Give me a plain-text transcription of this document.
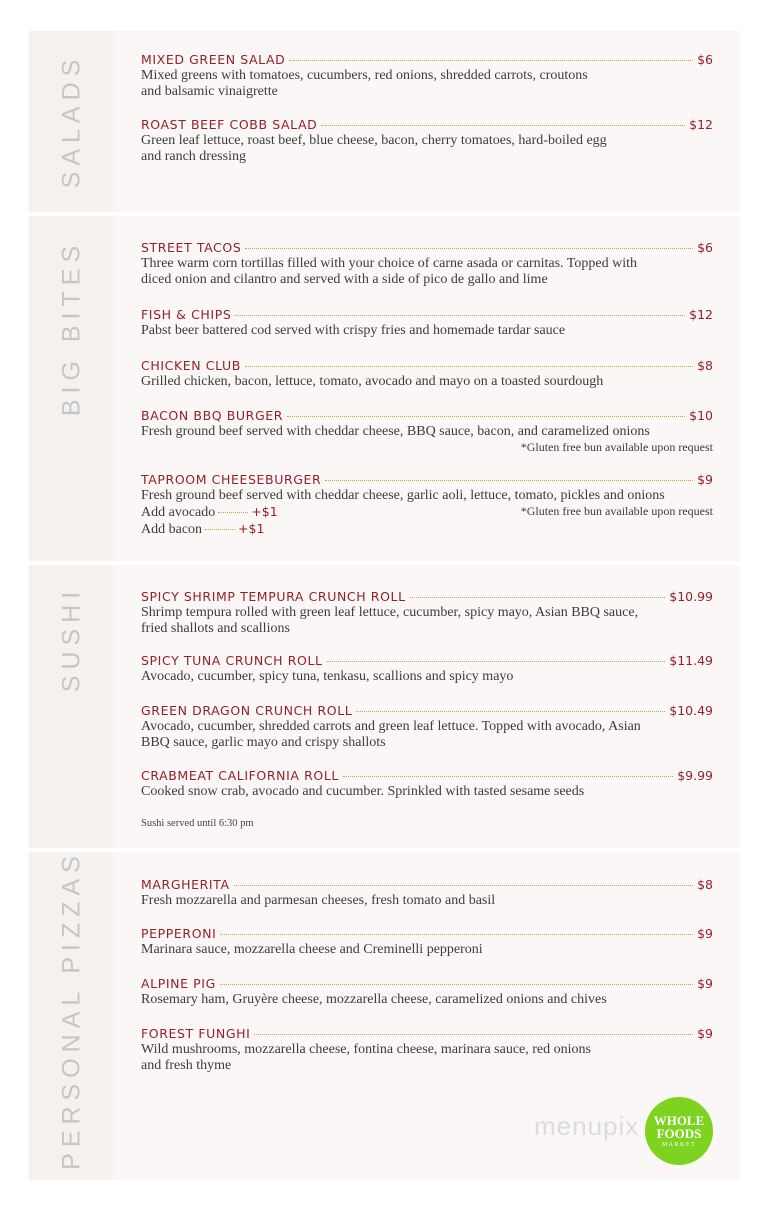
SALADS
BIG BITES
SUSHI
PERSONAL PIZZAS
MIXED GREEN SALAD	$6
Mixed greens with tomatoes, cucumbers, red onions, shredded carrots, croutons
and balsamic vinaigrette
ROAST BEEF COBB SALAD	$12
Green leaf lettuce, roast beef, blue cheese, bacon, cherry tomatoes, hard-boiled egg
and ranch dressing
STREET TACOS	$6
Three warm corn tortillas filled with your choice of carne asada or carnitas. Topped with
diced onion and cilantro and served with a side of pico de gallo and lime
FISH & CHIPS	$12
Pabst beer battered cod served with crispy fries and homemade tardar sauce
CHICKEN CLUB	$8
Grilled chicken, bacon, lettuce, tomato, avocado and mayo on a toasted sourdough
BACON BBQ BURGER	$10
Fresh ground beef served with cheddar cheese, BBQ sauce, bacon, and caramelized onions
*Gluten free bun available upon request
TAPROOM CHEESEBURGER	$9
Fresh ground beef served with cheddar cheese, garlic aoli, lettuce, tomato, pickles and onions
*Gluten free bun available upon request
Add avocado	+$1
Add bacon	+$1
SPICY SHRIMP TEMPURA CRUNCH ROLL	$10.99
Shrimp tempura rolled with green leaf lettuce, cucumber, spicy mayo, Asian BBQ sauce,
fried shallots and scallions
SPICY TUNA CRUNCH ROLL	$11.49
Avocado, cucumber, spicy tuna, tenkasu, scallions and spicy mayo
GREEN DRAGON CRUNCH ROLL	$10.49
Avocado, cucumber, shredded carrots and green leaf lettuce. Topped with avocado, Asian
BBQ sauce, garlic mayo and crispy shallots
CRABMEAT CALIFORNIA ROLL	$9.99
Cooked snow crab, avocado and cucumber. Sprinkled with tasted sesame seeds
Sushi served until 6:30 pm
MARGHERITA	$8
Fresh mozzarella and parmesan cheeses, fresh tomato and basil
PEPPERONI	$9
Marinara sauce, mozzarella cheese and Creminelli pepperoni
ALPINE PIG	$9
Rosemary ham, Gruyère cheese, mozzarella cheese, caramelized onions and chives
FOREST FUNGHI	$9
Wild mushrooms, mozzarella cheese, fontina cheese, marinara sauce, red onions
and fresh thyme
menupix	WHOLE
FOODS
MARKET
